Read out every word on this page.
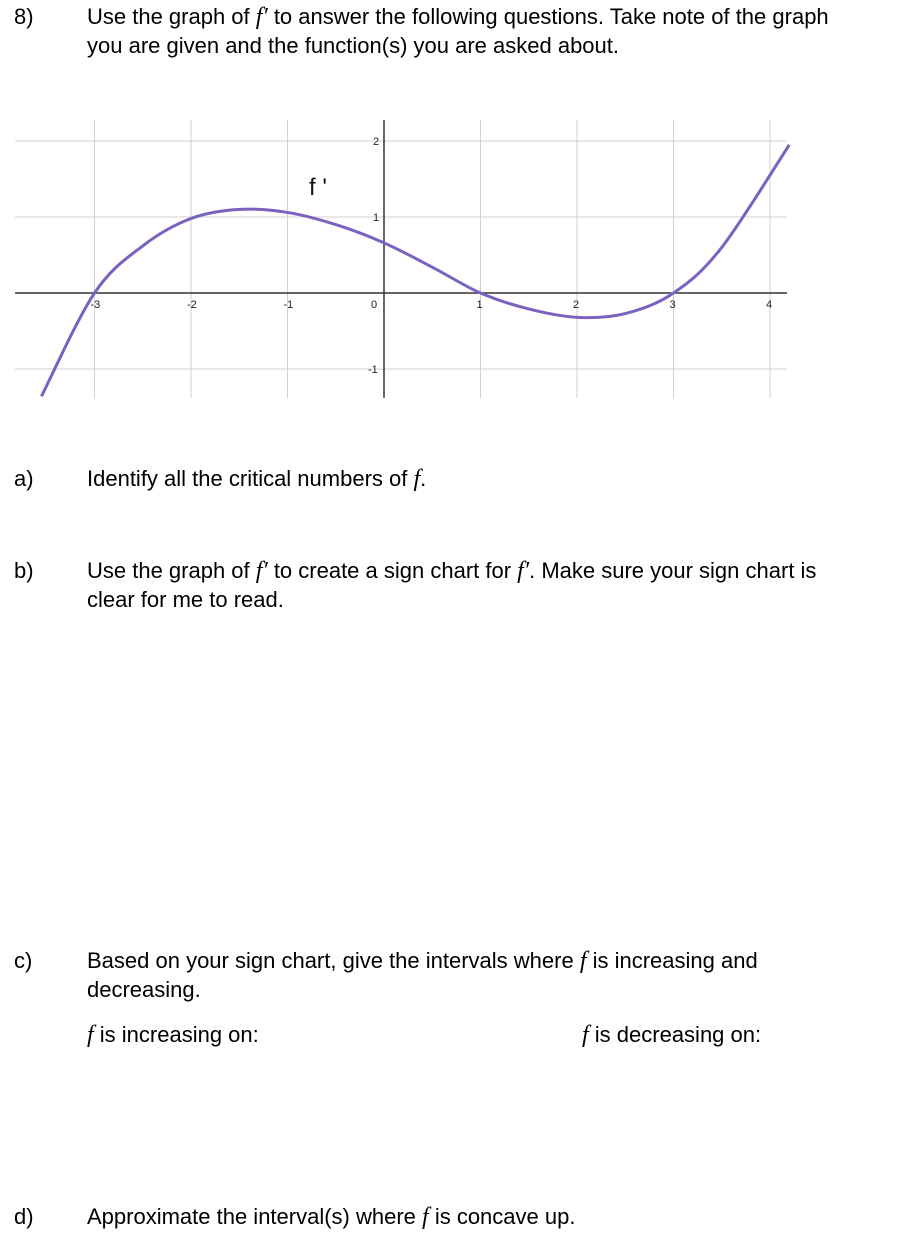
8) Use the graph of f′ to answer the following questions. Take note of the graph
you are given and the function(s) you are asked about.
-3	-2	-1	0	1	2	3	4
2
1
-1
f '
a) Identify all the critical numbers of f.
b) Use the graph of f′ to create a sign chart for f′. Make sure your sign chart is
clear for me to read.
c) Based on your sign chart, give the intervals where f is increasing and
decreasing.
f is increasing on:	f is decreasing on:
d) Approximate the interval(s) where f is concave up.
